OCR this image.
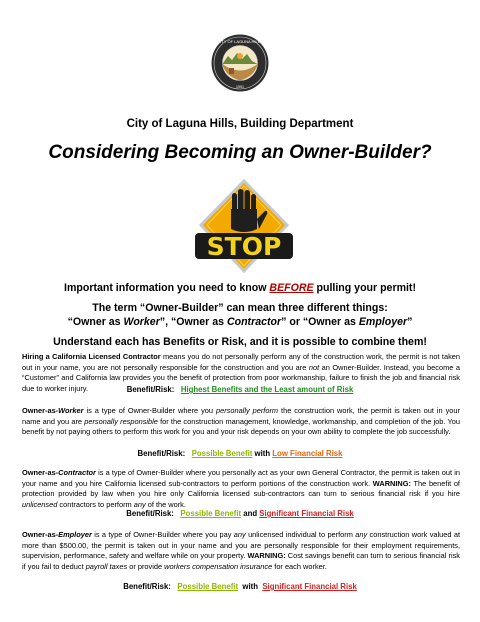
CITY OF LAGUNA HILLS
1991
City of Laguna Hills, Building Department
Considering Becoming an Owner-Builder?
STOP
Important information you need to know BEFORE pulling your permit!
The term “Owner-Builder” can mean three different things:
“Owner as Worker”, “Owner as Contractor” or “Owner as Employer”
Understand each has Benefits or Risk, and it is possible to combine them!
Hiring a California Licensed Contractor means you do not personally perform any of the construction work, the permit is not taken out in your name, you are not personally responsible for the construction and you are not an Owner-Builder. Instead, you become a “Customer” and California law provides you the benefit of protection from poor workmanship, failure to finish the job and financial risk due to worker injury.	Benefit/Risk: Highest Benefits and the Least amount of Risk
Owner-as-Worker is a type of Owner-Builder where you personally perform the construction work, the permit is taken out in your name and you are personally responsible for the construction management, knowledge, workmanship, and completion of the job. You benefit by not paying others to perform this work for you and your risk depends on your own ability to complete the job successfully.
Benefit/Risk: Possible Benefit with Low Financial Risk
Owner-as-Contractor is a type of Owner-Builder where you personally act as your own General Contractor, the permit is taken out in your name and you hire California licensed sub-contractors to perform portions of the construction work. WARNING: The benefit of protection provided by law when you hire only California licensed sub-contractors can turn to serious financial risk if you hire unlicensed contractors to perform any of the work.
Benefit/Risk: Possible Benefit and Significant Financial Risk
Owner-as-Employer is a type of Owner-Builder where you pay any unlicensed individual to perform any construction work valued at more than $500.00, the permit is taken out in your name and you are personally responsible for their employment requirements, supervision, performance, safety and welfare while on your property. WARNING: Cost savings benefit can turn to serious financial risk if you fail to deduct payroll taxes or provide workers compensation insurance for each worker.
Benefit/Risk: Possible Benefit  with  Significant Financial Risk
